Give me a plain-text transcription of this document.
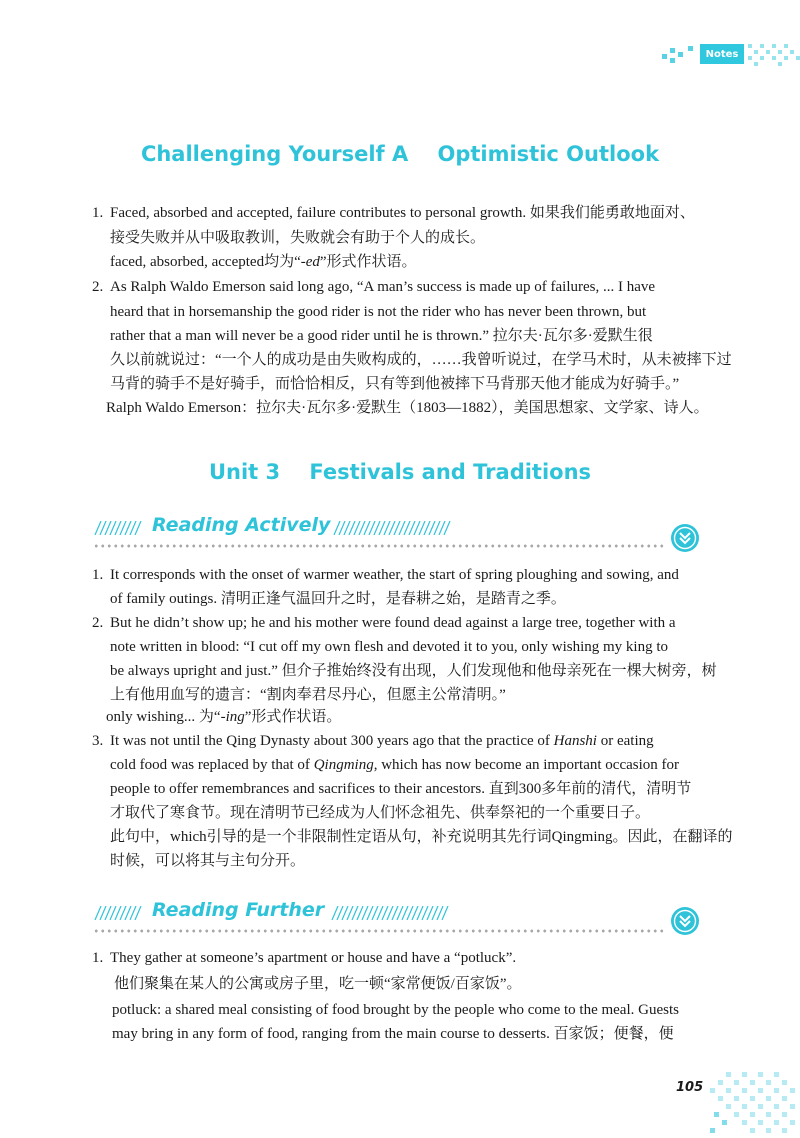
Notes
Challenging Yourself A    Optimistic Outlook
1. Faced, absorbed and accepted, failure contributes to personal growth. 如果我们能勇敢地面对、
接受失败并从中吸取教训，失败就会有助于个人的成长。
faced, absorbed, accepted均为“-ed”形式作状语。
2. As Ralph Waldo Emerson said long ago, “A man’s success is made up of failures, ... I have
heard that in horsemanship the good rider is not the rider who has never been thrown, but
rather that a man will never be a good rider until he is thrown.” 拉尔夫·瓦尔多·爱默生很
久以前就说过：“一个人的成功是由失败构成的，……我曾听说过，在学马术时，从未被摔下过
马背的骑手不是好骑手，而恰恰相反，只有等到他被摔下马背那天他才能成为好骑手。”
Ralph Waldo Emerson：拉尔夫·瓦尔多·爱默生（1803—1882），美国思想家、文学家、诗人。
Unit 3    Festivals and Traditions
Reading Actively
1. It corresponds with the onset of warmer weather, the start of spring ploughing and sowing, and
of family outings. 清明正逢气温回升之时，是春耕之始，是踏青之季。
2. But he didn’t show up; he and his mother were found dead against a large tree, together with a
note written in blood: “I cut off my own flesh and devoted it to you, only wishing my king to
be always upright and just.” 但介子推始终没有出现，人们发现他和他母亲死在一棵大树旁，树
上有他用血写的遗言：“割肉奉君尽丹心，但愿主公常清明。”
only wishing... 为“-ing”形式作状语。
3. It was not until the Qing Dynasty about 300 years ago that the practice of Hanshi or eating
cold food was replaced by that of Qingming, which has now become an important occasion for
people to offer remembrances and sacrifices to their ancestors. 直到300多年前的清代，清明节
才取代了寒食节。现在清明节已经成为人们怀念祖先、供奉祭祀的一个重要日子。
此句中，which引导的是一个非限制性定语从句，补充说明其先行词Qingming。因此，在翻译的
时候，可以将其与主句分开。
Reading Further
1. They gather at someone’s apartment or house and have a “potluck”.
他们聚集在某人的公寓或房子里，吃一顿“家常便饭/百家饭”。
potluck: a shared meal consisting of food brought by the people who come to the meal. Guests
may bring in any form of food, ranging from the main course to desserts. 百家饭；便餐，便
105
